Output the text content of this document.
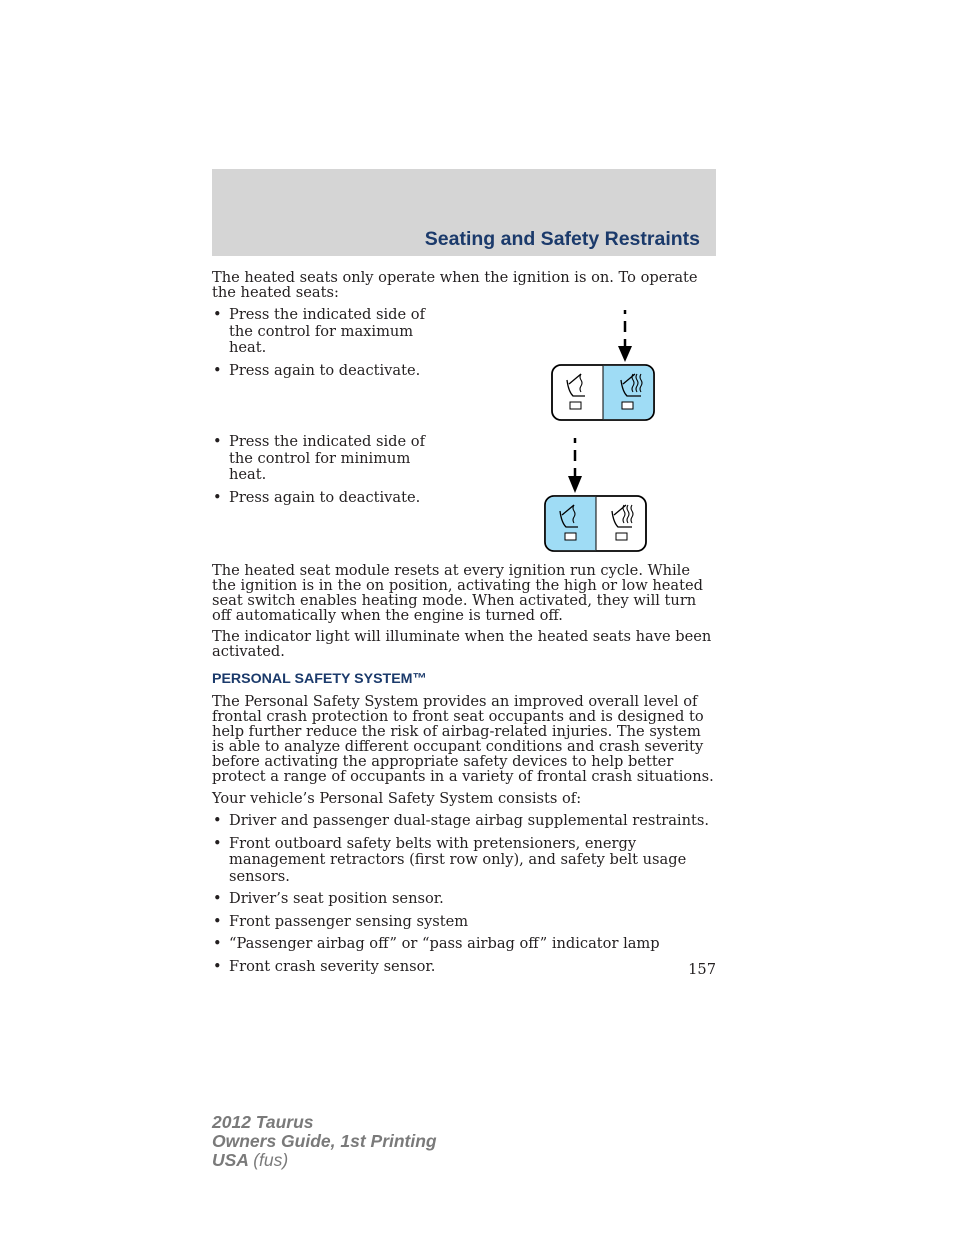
Seating and Safety Restraints

The heated seats only operate when the ignition is on. To operate the heated seats:

• Press the indicated side of the control for maximum heat.
• Press again to deactivate.
• Press the indicated side of the control for minimum heat.
• Press again to deactivate.

The heated seat module resets at every ignition run cycle. While the ignition is in the on position, activating the high or low heated seat switch enables heating mode. When activated, they will turn off automatically when the engine is turned off.

The indicator light will illuminate when the heated seats have been activated.

PERSONAL SAFETY SYSTEM™

The Personal Safety System provides an improved overall level of frontal crash protection to front seat occupants and is designed to help further reduce the risk of airbag-related injuries. The system is able to analyze different occupant conditions and crash severity before activating the appropriate safety devices to help better protect a range of occupants in a variety of frontal crash situations.

Your vehicle’s Personal Safety System consists of:

• Driver and passenger dual-stage airbag supplemental restraints.
• Front outboard safety belts with pretensioners, energy management retractors (first row only), and safety belt usage sensors.
• Driver’s seat position sensor.
• Front passenger sensing system
• “Passenger airbag off” or “pass airbag off” indicator lamp
• Front crash severity sensor.	157
2012 Taurus
Owners Guide, 1st Printing
USA (fus)
